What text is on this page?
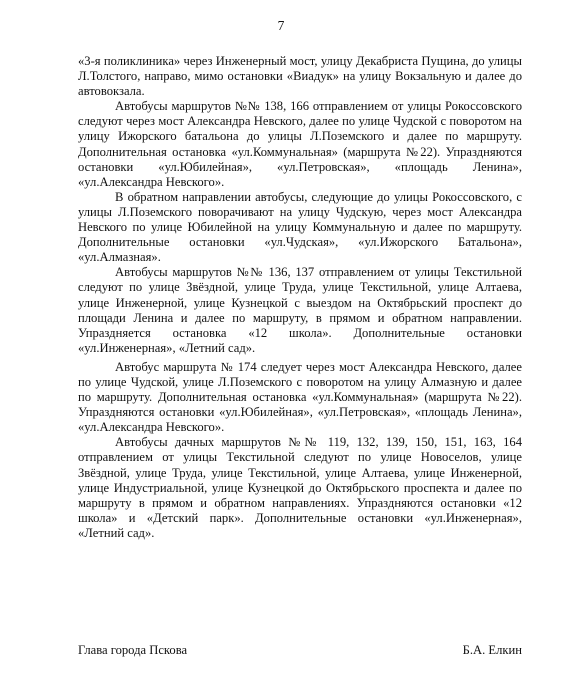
7

«3-я поликлиника» через Инженерный мост, улицу Декабриста Пущина, до улицы Л.Толстого, направо, мимо остановки «Виадук» на улицу Вокзальную и далее до автовокзала.

Автобусы маршрутов №№ 138, 166 отправлением от улицы Рокоссовского следуют через мост Александра Невского, далее по улице Чудской с поворотом на улицу Ижорского батальона до улицы Л.Поземского и далее по маршруту. Дополнительная остановка «ул.Коммунальная» (маршрута №22). Упраздняются остановки «ул.Юбилейная», «ул.Петровская», «площадь Ленина», «ул.Александра Невского».

В обратном направлении автобусы, следующие до улицы Рокоссовского, с улицы Л.Поземского поворачивают на улицу Чудскую, через мост Александра Невского по улице Юбилейной на улицу Коммунальную и далее по маршруту. Дополнительные остановки «ул.Чудская», «ул.Ижорского Батальона», «ул.Алмазная».

Автобусы маршрутов №№ 136, 137 отправлением от улицы Текстильной следуют по улице Звёздной, улице Труда, улице Текстильной, улице Алтаева, улице Инженерной, улице Кузнецкой с выездом на Октябрьский проспект до площади Ленина и далее по маршруту, в прямом и обратном направлении. Упраздняется остановка «12 школа». Дополнительные остановки «ул.Инженерная», «Летний сад».

Автобус маршрута № 174 следует через мост Александра Невского, далее по улице Чудской, улице Л.Поземского с поворотом на улицу Алмазную и далее по маршруту. Дополнительная остановка «ул.Коммунальная» (маршрута №22). Упраздняются остановки «ул.Юбилейная», «ул.Петровская», «площадь Ленина», «ул.Александра Невского».

Автобусы дачных маршрутов №№ 119, 132, 139, 150, 151, 163, 164 отправлением от улицы Текстильной следуют по улице Новоселов, улице Звёздной, улице Труда, улице Текстильной, улице Алтаева, улице Инженерной, улице Индустриальной, улице Кузнецкой до Октябрьского проспекта и далее по маршруту в прямом и обратном направлениях. Упраздняются остановки «12 школа» и «Детский парк». Дополнительные остановки «ул.Инженерная», «Летний сад».

Глава города Пскова	Б.А. Елкин
